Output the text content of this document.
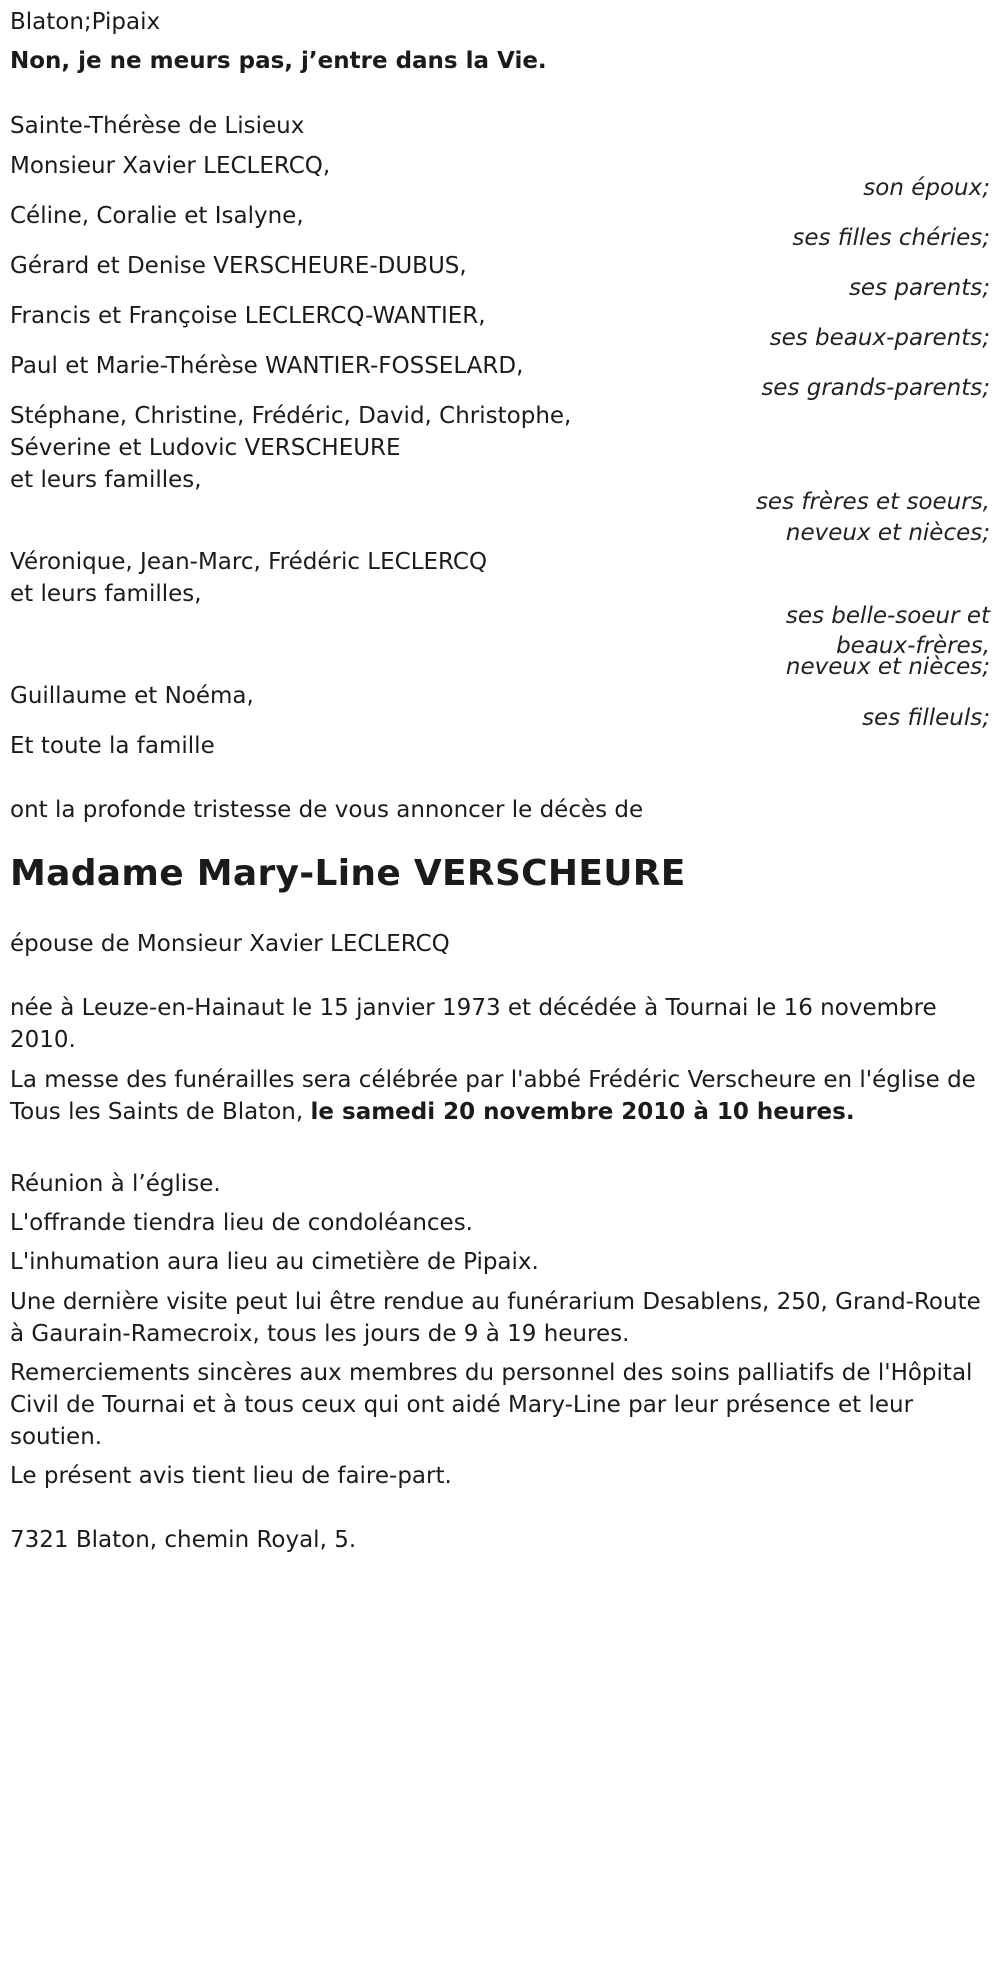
Blaton;Pipaix
Non, je ne meurs pas, j’entre dans la Vie.
Sainte-Thérèse de Lisieux
Monsieur Xavier LECLERCQ,
son époux;
Céline, Coralie et Isalyne,
ses filles chéries;
Gérard et Denise VERSCHEURE-DUBUS,
ses parents;
Francis et Françoise LECLERCQ-WANTIER,
ses beaux-parents;
Paul et Marie-Thérèse WANTIER-FOSSELARD,
ses grands-parents;
Stéphane, Christine, Frédéric, David, Christophe,
Séverine et Ludovic VERSCHEURE
et leurs familles,
ses frères et soeurs,
neveux et nièces;
Véronique, Jean-Marc, Frédéric LECLERCQ
et leurs familles,
ses belle-soeur et
beaux-frères,
neveux et nièces;
Guillaume et Noéma,
ses filleuls;
Et toute la famille
ont la profonde tristesse de vous annoncer le décès de
Madame Mary-Line VERSCHEURE
épouse de Monsieur Xavier LECLERCQ
née à Leuze-en-Hainaut le 15 janvier 1973 et décédée à Tournai le 16 novembre 2010.
La messe des funérailles sera célébrée par l'abbé Frédéric Verscheure en l'église de Tous les Saints de Blaton, le samedi 20 novembre 2010 à 10 heures.
Réunion à l’église.
L'offrande tiendra lieu de condoléances.
L'inhumation aura lieu au cimetière de Pipaix.
Une dernière visite peut lui être rendue au funérarium Desablens, 250, Grand-Route à Gaurain-Ramecroix, tous les jours de 9 à 19 heures.
Remerciements sincères aux membres du personnel des soins palliatifs de l'Hôpital Civil de Tournai et à tous ceux qui ont aidé Mary-Line par leur présence et leur soutien.
Le présent avis tient lieu de faire-part.
7321 Blaton, chemin Royal, 5.
